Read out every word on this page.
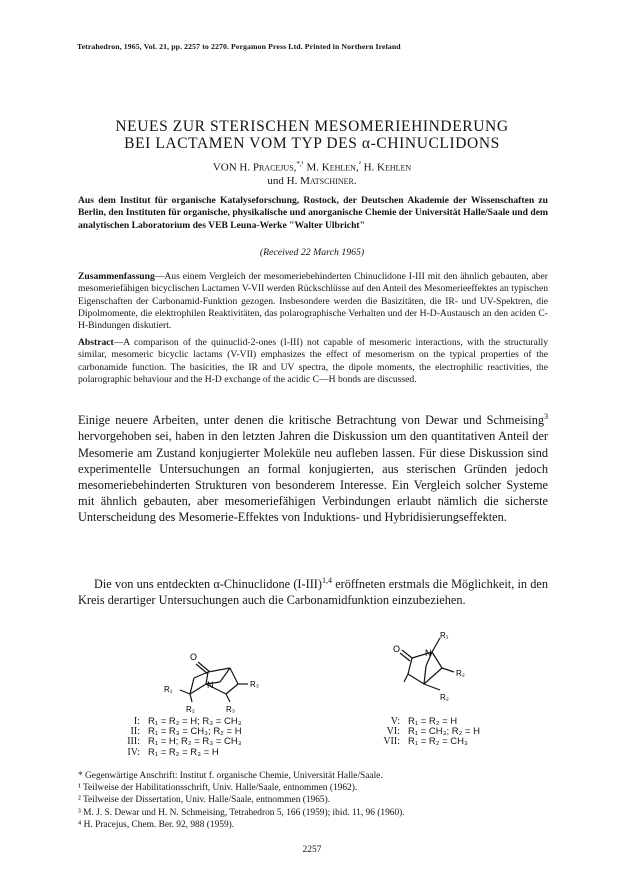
Tetrahedron, 1965, Vol. 21, pp. 2257 to 2270. Pergamon Press Ltd. Printed in Northern Ireland
NEUES ZUR STERISCHEN MESOMERIEHINDERUNG
BEI LACTAMEN VOM TYP DES α-CHINUCLIDONS
VON H. Pracejus,$^{*,^1}$ M. Kehlen,$^{^2}$ H. Kehlen
und H. Matschiner.
Aus dem Institut für organische Katalyseforschung, Rostock, der Deutschen Akademie der Wissenschaften zu Berlin, den Instituten für organische, physikalische und anorganische Chemie der Universität Halle/Saale und dem analytischen Laboratorium des VEB Leuna-Werke "Walter Ulbricht"
(Received 22 March 1965)
Zusammenfassung—Aus einem Vergleich der mesomeriebehinderten Chinuclidone I-III mit den ähnlich gebauten, aber mesomeriefähigen bicyclischen Lactamen V-VII werden Rückschlüsse auf den Anteil des Mesomerieeffektes an typischen Eigenschaften der Carbonamid-Funktion gezogen. Insbesondere werden die Basizitäten, die IR- und UV-Spektren, die Dipolmomente, die elektrophilen Reaktivitäten, das polarographische Verhalten und der H-D-Austausch an den aciden C-H-Bindungen diskutiert.
Abstract—A comparison of the quinuclid-2-ones (I-III) not capable of mesomeric interactions, with the structurally similar, mesomeric bicyclic lactams (V-VII) emphasizes the effect of mesomerism on the typical properties of the carbonamide function. The basicities, the IR and UV spectra, the dipole moments, the electrophilic reactivities, the polarographic behaviour and the H-D exchange of the acidic C—H bonds are discussed.
Einige neuere Arbeiten, unter denen die kritische Betrachtung von Dewar und Schmeising$^3$ hervorgehoben sei, haben in den letzten Jahren die Diskussion um den quantitativen Anteil der Mesomerie am Zustand konjugierter Moleküle neu aufleben lassen. Für diese Diskussion sind experimentelle Untersuchungen an formal konjugierten, aus sterischen Gründen jedoch mesomeriebehinderten Strukturen von besonderem Interesse. Ein Vergleich solcher Systeme mit ähnlich gebauten, aber mesomeriefähigen Verbindungen erlaubt nämlich die sicherste Unterscheidung des Mesomerie-Effektes von Induktions- und Hybridisierungseffekten.
Die von uns entdeckten α-Chinuclidone $(I-III)^{1,4}$ eröffneten erstmals die Möglichkeit, in den Kreis derartiger Untersuchungen auch die Carbonamidfunktion einzubeziehen.
O
N
R₁
R₃
R₂	R₃
O	N
R₁
R₂
R₂
I: R₁ = R₂ = H; R₃ = CH₃
II: R₁ = R₃ = CH₃; R₂ = H
III: R₁ = H; R₂ = R₃ = CH₃
IV: R₁ = R₂ = R₃ = H
V: R₁ = R₂ = H
VI: R₁ = CH₃; R₂ = H
VII: R₁ = R₂ = CH₃

* Gegenwärtige Anschrift: Institut f. organische Chemie, Universität Halle/Saale.

¹ Teilweise der Habilitationsschrift, Univ. Halle/Saale, entnommen (1962).

² Teilweise der Dissertation, Univ. Halle/Saale, entnommen (1965).

³ M. J. S. Dewar und H. N. Schmeising, Tetrahedron 5, 166 (1959); ibid. 11, 96 (1960).

⁴ H. Pracejus, Chem. Ber. 92, 988 (1959).

2257
